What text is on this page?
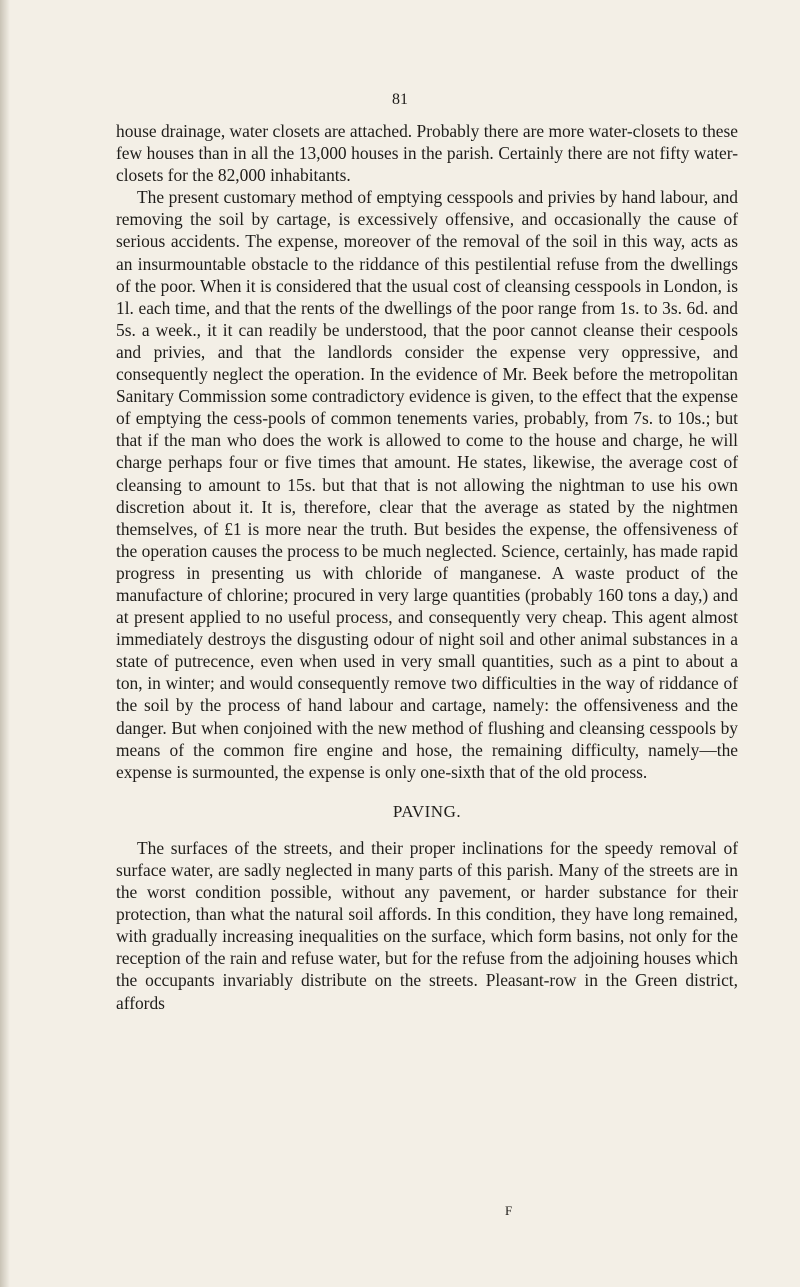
81

house drainage, water closets are attached. Probably there are more water-closets to these few houses than in all the 13,000 houses in the parish. Certainly there are not fifty water-closets for the 82,000 inhabitants.

The present customary method of emptying cesspools and privies by hand labour, and removing the soil by cartage, is excessively offensive, and occasionally the cause of serious accidents. The expense, moreover of the removal of the soil in this way, acts as an insurmountable obstacle to the riddance of this pestilential refuse from the dwellings of the poor. When it is considered that the usual cost of cleansing cesspools in London, is 1l. each time, and that the rents of the dwellings of the poor range from 1s. to 3s. 6d. and 5s. a week., it it can readily be understood, that the poor cannot cleanse their cespools and privies, and that the landlords consider the expense very oppressive, and consequently neglect the operation. In the evidence of Mr. Beek before the metropolitan Sanitary Commission some contradictory evidence is given, to the effect that the expense of emptying the cess-pools of common tenements varies, probably, from 7s. to 10s.; but that if the man who does the work is allowed to come to the house and charge, he will charge perhaps four or five times that amount. He states, likewise, the average cost of cleansing to amount to 15s. but that that is not allowing the nightman to use his own discretion about it. It is, therefore, clear that the average as stated by the nightmen themselves, of £1 is more near the truth. But besides the expense, the offensiveness of the operation causes the process to be much neglected. Science, certainly, has made rapid progress in presenting us with chloride of manganese. A waste product of the manufacture of chlorine; procured in very large quantities (probably 160 tons a day,) and at present applied to no useful process, and consequently very cheap. This agent almost immediately destroys the disgusting odour of night soil and other animal substances in a state of putrecence, even when used in very small quantities, such as a pint to about a ton, in winter; and would consequently remove two difficulties in the way of riddance of the soil by the process of hand labour and cartage, namely: the offensiveness and the danger. But when conjoined with the new method of flushing and cleansing cesspools by means of the common fire engine and hose, the remaining difficulty, namely—the expense is surmounted, the expense is only one-sixth that of the old process.

PAVING.

The surfaces of the streets, and their proper inclinations for the speedy removal of surface water, are sadly neglected in many parts of this parish. Many of the streets are in the worst condition possible, without any pavement, or harder substance for their protection, than what the natural soil affords. In this condition, they have long remained, with gradually increasing inequalities on the surface, which form basins, not only for the reception of the rain and refuse water, but for the refuse from the adjoining houses which the occupants invariably distribute on the streets. Pleasant-row in the Green district, affords

F
